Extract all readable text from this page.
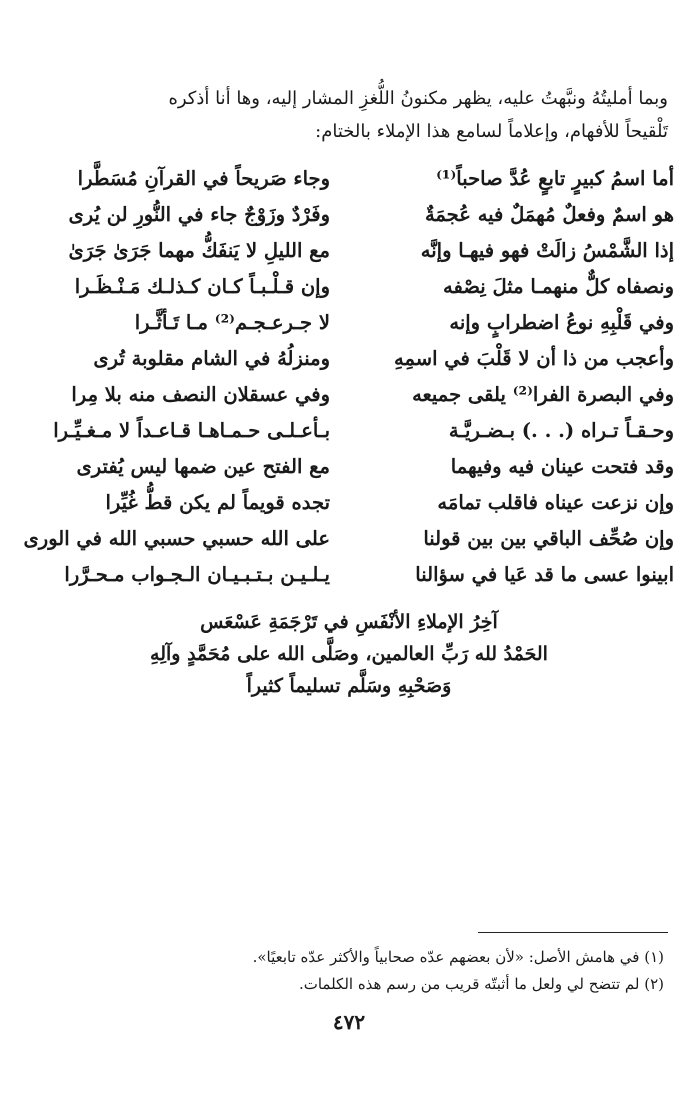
وبما أمليتُهُ ونبَّهتُ عليه، يظهر مكنونُ اللُّغزِ المشار إليه، وها أنا أذكره
تَلْقيحاً للأفهام، وإعلاماً لسامع هذا الإملاء بالختام:
أما اسمُ كبيرٍ تابعٍ عُدَّ صاحباً⁽¹⁾
وجاء صَريحاً في القرآنِ مُسَطَّرا
هو اسمٌ وفعلٌ مُهمَلٌ فيه عُجمَةٌ
وفَرْدٌ وزَوْجٌ جاء في النُّورِ لن يُرى
إذا الشَّمْسُ زالَتْ فهو فيهـا وإنَّه
مع الليلِ لا يَنفَكُّ مهما جَرَىٰ جَرَىٰ
ونصفاه كلٌّ منهمـا مثلَ نِصْفه
وإن قـلْـبـاً كـان كـذلـك مَـنْـظَـرا
وفي قَلْبِهِ نوعُ اضطرابٍ وإنه
لا جـرعـجـم⁽²⁾ مـا تَـأثَّـرا
وأعجب من ذا أن لا قَلْبَ في اسمِهِ
ومنزلُهُ في الشام مقلوبة تُرى
وفي البصرة الفرا⁽²⁾ يلقى جميعه
وفي عسقلان النصف منه بلا مِرا
وحـقـاً تـراه (. . .) بـضـريَّـة
بـأعـلـى حـمـاهـا قـاعـداً لا مـغـيِّـرا
وقد فتحت عينان فيه وفيهما
مع الفتح عين ضمها ليس يُفترى
وإن نزعت عيناه فاقلب تمامَه
تجده قويماً لم يكن قطُّ غُيِّرا
وإن صُحِّف الباقي بين بين قولنا
على الله حسبي حسبي الله في الورى
ابينوا عسى ما قد عَيا في سؤالنا
يـلـيـن بـتـبـيـان الـجـواب مـحـرَّرا
آخِرُ الإملاءِ الأنْفَسِ في تَرْجَمَةِ عَسْعَس
الحَمْدُ لله رَبِّ العالمين، وصَلَّى الله على مُحَمَّدٍ وآلِهِ
وَصَحْبِهِ وسَلَّم تسليماً كثيراً
(١) في هامش الأصل: «لأن بعضهم عدّه صحابياً والأكثر عدّه تابعيًا».
(٢) لم تتضح لي ولعل ما أثبتّه قريب من رسم هذه الكلمات.
٤٧٢
